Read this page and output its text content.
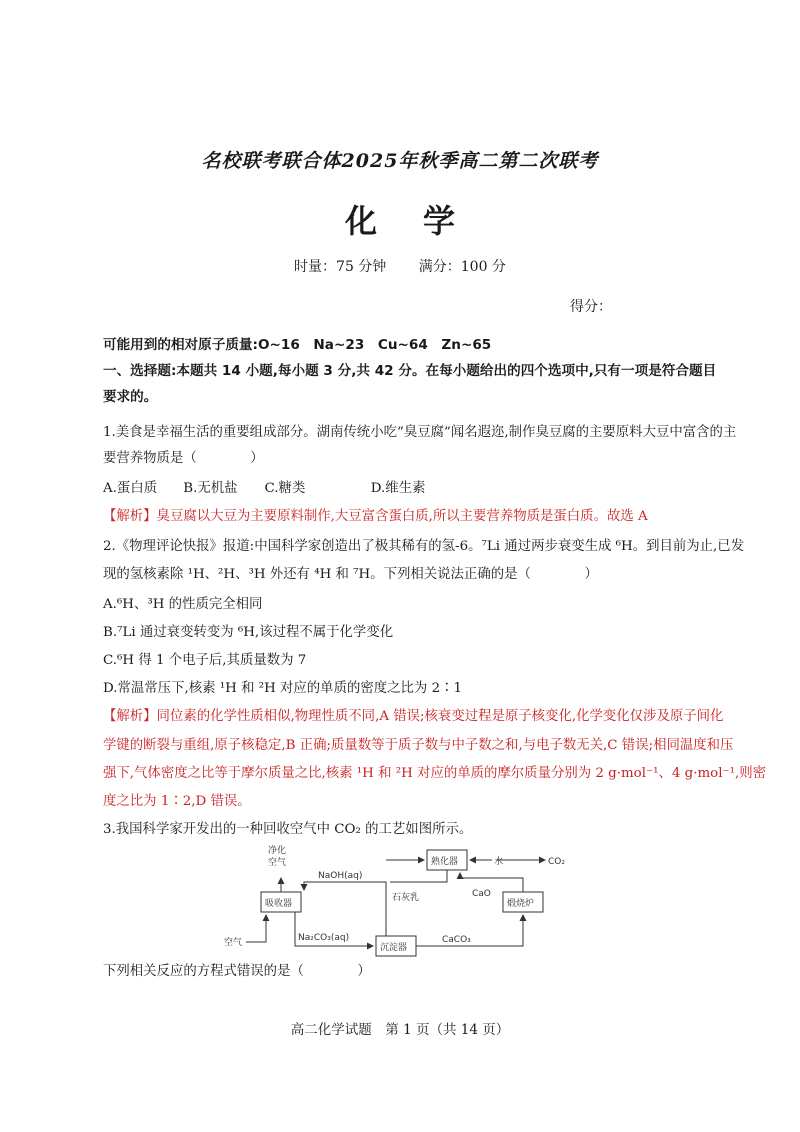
名校联考联合体2025年秋季高二第二次联考
化学
时量：75 分钟 满分：100 分
得分：
可能用到的相对原子质量:O~16　Na~23　Cu~64　Zn~65
一、选择题:本题共 14 小题,每小题 3 分,共 42 分。在每小题给出的四个选项中,只有一项是符合题目
要求的。
1.美食是幸福生活的重要组成部分。湖南传统小吃“臭豆腐”闻名遐迩,制作臭豆腐的主要原料大豆中富含的主
要营养物质是（　　　　）
A.蛋白质 B.无机盐 C.糖类	D.维生素
【解析】臭豆腐以大豆为主要原料制作,大豆富含蛋白质,所以主要营养物质是蛋白质。故选 A
2.《物理评论快报》报道:中国科学家创造出了极其稀有的氢-6。⁷Li 通过两步衰变生成 ⁶H。到目前为止,已发
现的氢核素除 ¹H、²H、³H 外还有 ⁴H 和 ⁷H。下列相关说法正确的是（　　　　）
A.⁶H、³H 的性质完全相同
B.⁷Li 通过衰变转变为 ⁶H,该过程不属于化学变化
C.⁶H 得 1 个电子后,其质量数为 7
D.常温常压下,核素 ¹H 和 ²H 对应的单质的密度之比为 2∶1
【解析】同位素的化学性质相似,物理性质不同,A 错误;核衰变过程是原子核变化,化学变化仅涉及原子间化
学键的断裂与重组,原子核稳定,B 正确;质量数等于质子数与中子数之和,与电子数无关,C 错误;相同温度和压
强下,气体密度之比等于摩尔质量之比,核素 ¹H 和 ²H 对应的单质的摩尔质量分别为 2 g·mol⁻¹、4 g·mol⁻¹,则密
度之比为 1∶2,D 错误。
3.我国科学家开发出的一种回收空气中 CO₂ 的工艺如图所示。
净化
空气
空气
吸收器
沉淀器
熟化器
煅烧炉
NaOH(aq)
Na₂CO₃(aq)
石灰乳
水	CO₂
CaO
CaCO₃
下列相关反应的方程式错误的是（　　　　）
高二化学试题　第 1 页（共 14 页）
